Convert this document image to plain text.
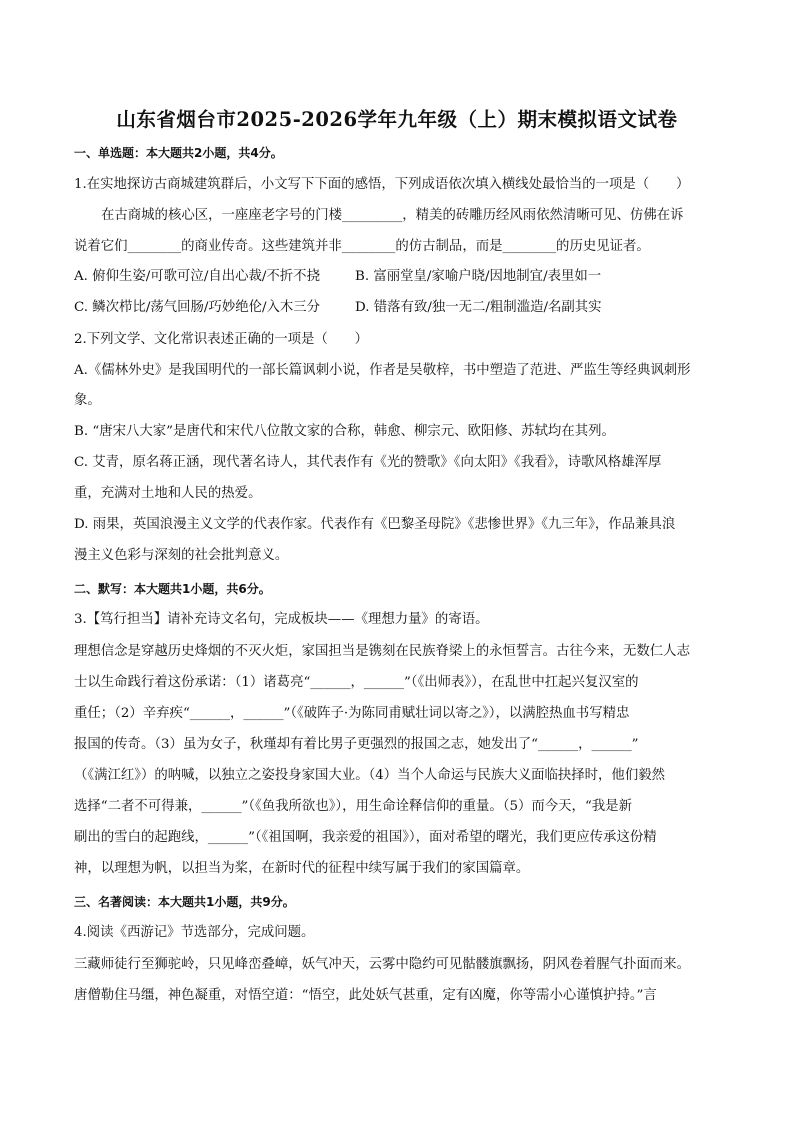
山东省烟台市2025-2026学年九年级（上）期末模拟语文试卷
一、单选题：本大题共2小题，共4分。
1.在实地探访古商城建筑群后，小文写下下面的感悟，下列成语依次填入横线处最恰当的一项是（　　）
在古商城的核心区，一座座老字号的门楼_________，精美的砖雕历经风雨依然清晰可见、仿佛在诉
说着它们________的商业传奇。这些建筑并非________的仿古制品，而是________的历史见证者。
A. 俯仰生姿/可歌可泣/自出心裁/不折不挠	B. 富丽堂皇/家喻户晓/因地制宜/表里如一
C. 鳞次栉比/荡气回肠/巧妙绝伦/入木三分	D. 错落有致/独一无二/粗制滥造/名副其实
2.下列文学、文化常识表述正确的一项是（　　）
A.《儒林外史》是我国明代的一部长篇讽刺小说，作者是吴敬梓，书中塑造了范进、严监生等经典讽刺形
象。
B. “唐宋八大家”是唐代和宋代八位散文家的合称，韩愈、柳宗元、欧阳修、苏轼均在其列。
C. 艾青，原名蒋正涵，现代著名诗人，其代表作有《光的赞歌》《向太阳》《我看》，诗歌风格雄浑厚
重，充满对土地和人民的热爱。
D. 雨果，英国浪漫主义文学的代表作家。代表作有《巴黎圣母院》《悲惨世界》《九三年》，作品兼具浪
漫主义色彩与深刻的社会批判意义。
二、默写：本大题共1小题，共6分。
3.【笃行担当】请补充诗文名句，完成板块——《理想力量》的寄语。
理想信念是穿越历史烽烟的不灭火炬，家国担当是镌刻在民族脊梁上的永恒誓言。古往今来，无数仁人志
士以生命践行着这份承诺：（1）诸葛亮“______，______”（《出师表》），在乱世中扛起兴复汉室的
重任；（2）辛弃疾“______，______”（《破阵子·为陈同甫赋壮词以寄之》），以满腔热血书写精忠
报国的传奇。（3）虽为女子，秋瑾却有着比男子更强烈的报国之志，她发出了“______，______”
（《满江红》）的呐喊，以独立之姿投身家国大业。（4）当个人命运与民族大义面临抉择时，他们毅然
选择“二者不可得兼，______”（《鱼我所欲也》），用生命诠释信仰的重量。（5）而今天，“我是新
刷出的雪白的起跑线，______”（《祖国啊，我亲爱的祖国》），面对希望的曙光，我们更应传承这份精
神，以理想为帆，以担当为桨，在新时代的征程中续写属于我们的家国篇章。
三、名著阅读：本大题共1小题，共9分。
4.阅读《西游记》节选部分，完成问题。
三藏师徒行至狮驼岭，只见峰峦叠嶂，妖气冲天，云雾中隐约可见骷髅旗飘扬，阴风卷着腥气扑面而来。
唐僧勒住马缰，神色凝重，对悟空道：“悟空，此处妖气甚重，定有凶魔，你等需小心谨慎护持。”言
